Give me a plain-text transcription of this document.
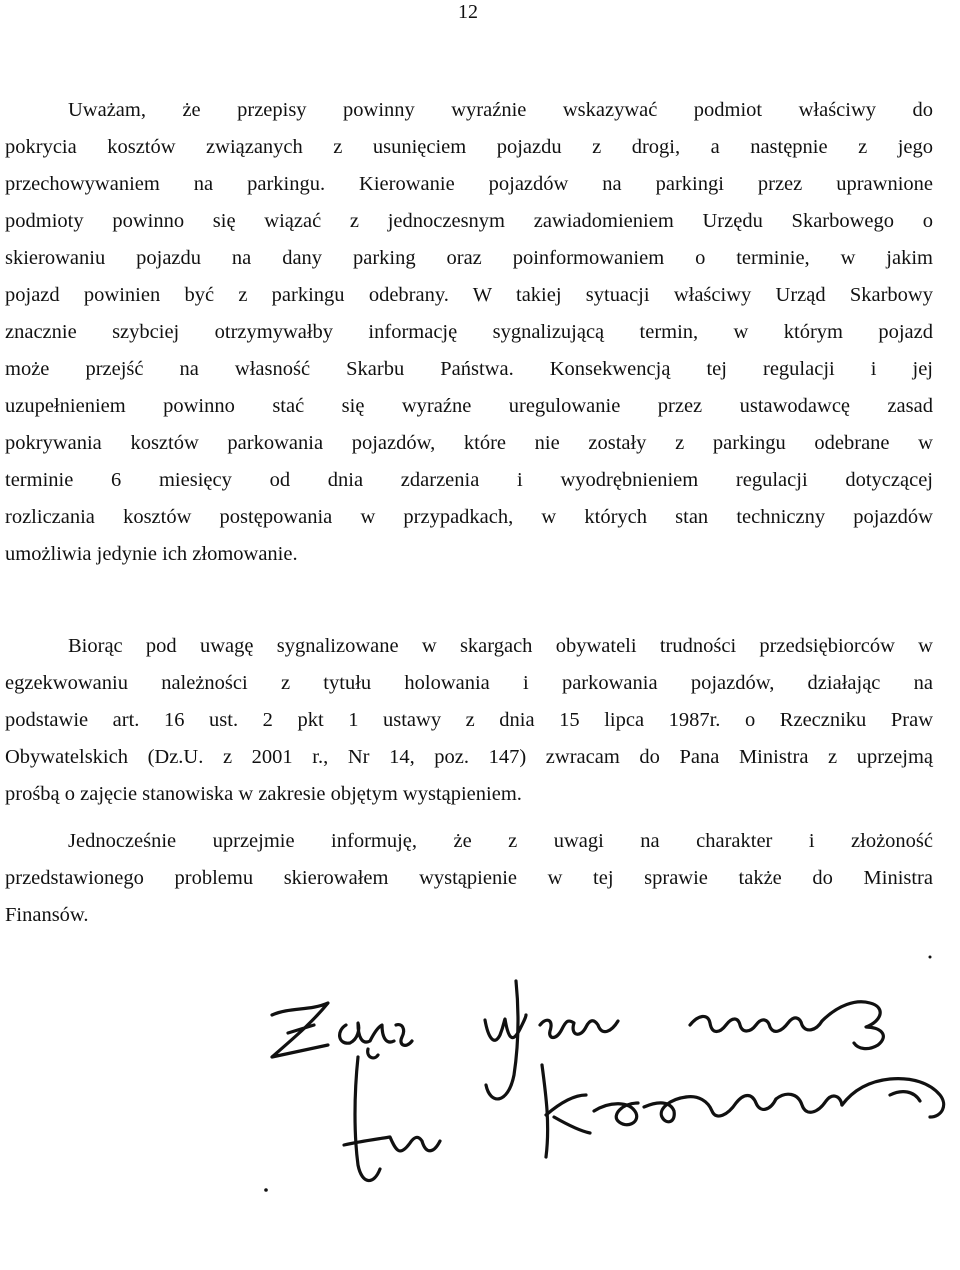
12

Uważam, że przepisy powinny wyraźnie wskazywać podmiot właściwy do
pokrycia kosztów związanych z usunięciem pojazdu z drogi, a następnie z jego
przechowywaniem na parkingu. Kierowanie pojazdów na parkingi przez uprawnione
podmioty powinno się wiązać z jednoczesnym zawiadomieniem Urzędu Skarbowego o
skierowaniu pojazdu na dany parking oraz poinformowaniem o terminie, w jakim
pojazd powinien być z parkingu odebrany. W takiej sytuacji właściwy Urząd Skarbowy
znacznie szybciej otrzymywałby informację sygnalizującą termin, w którym pojazd
może przejść na własność Skarbu Państwa. Konsekwencją tej regulacji i jej
uzupełnieniem powinno stać się wyraźne uregulowanie przez ustawodawcę zasad
pokrywania kosztów parkowania pojazdów, które nie zostały z parkingu odebrane w
terminie 6 miesięcy od dnia zdarzenia i wyodrębnieniem regulacji dotyczącej
rozliczania kosztów postępowania w przypadkach, w których stan techniczny pojazdów
umożliwia jedynie ich złomowanie.

Biorąc pod uwagę sygnalizowane w skargach obywateli trudności przedsiębiorców w
egzekwowaniu należności z tytułu holowania i parkowania pojazdów, działając na
podstawie art. 16 ust. 2 pkt 1 ustawy z dnia 15 lipca 1987r. o Rzeczniku Praw
Obywatelskich (Dz.U. z 2001 r., Nr 14, poz. 147) zwracam do Pana Ministra z uprzejmą
prośbą o zajęcie stanowiska w zakresie objętym wystąpieniem.

Jednocześnie uprzejmie informuję, że z uwagi na charakter i złożoność
przedstawionego problemu skierowałem wystąpienie w tej sprawie także do Ministra
Finansów.
